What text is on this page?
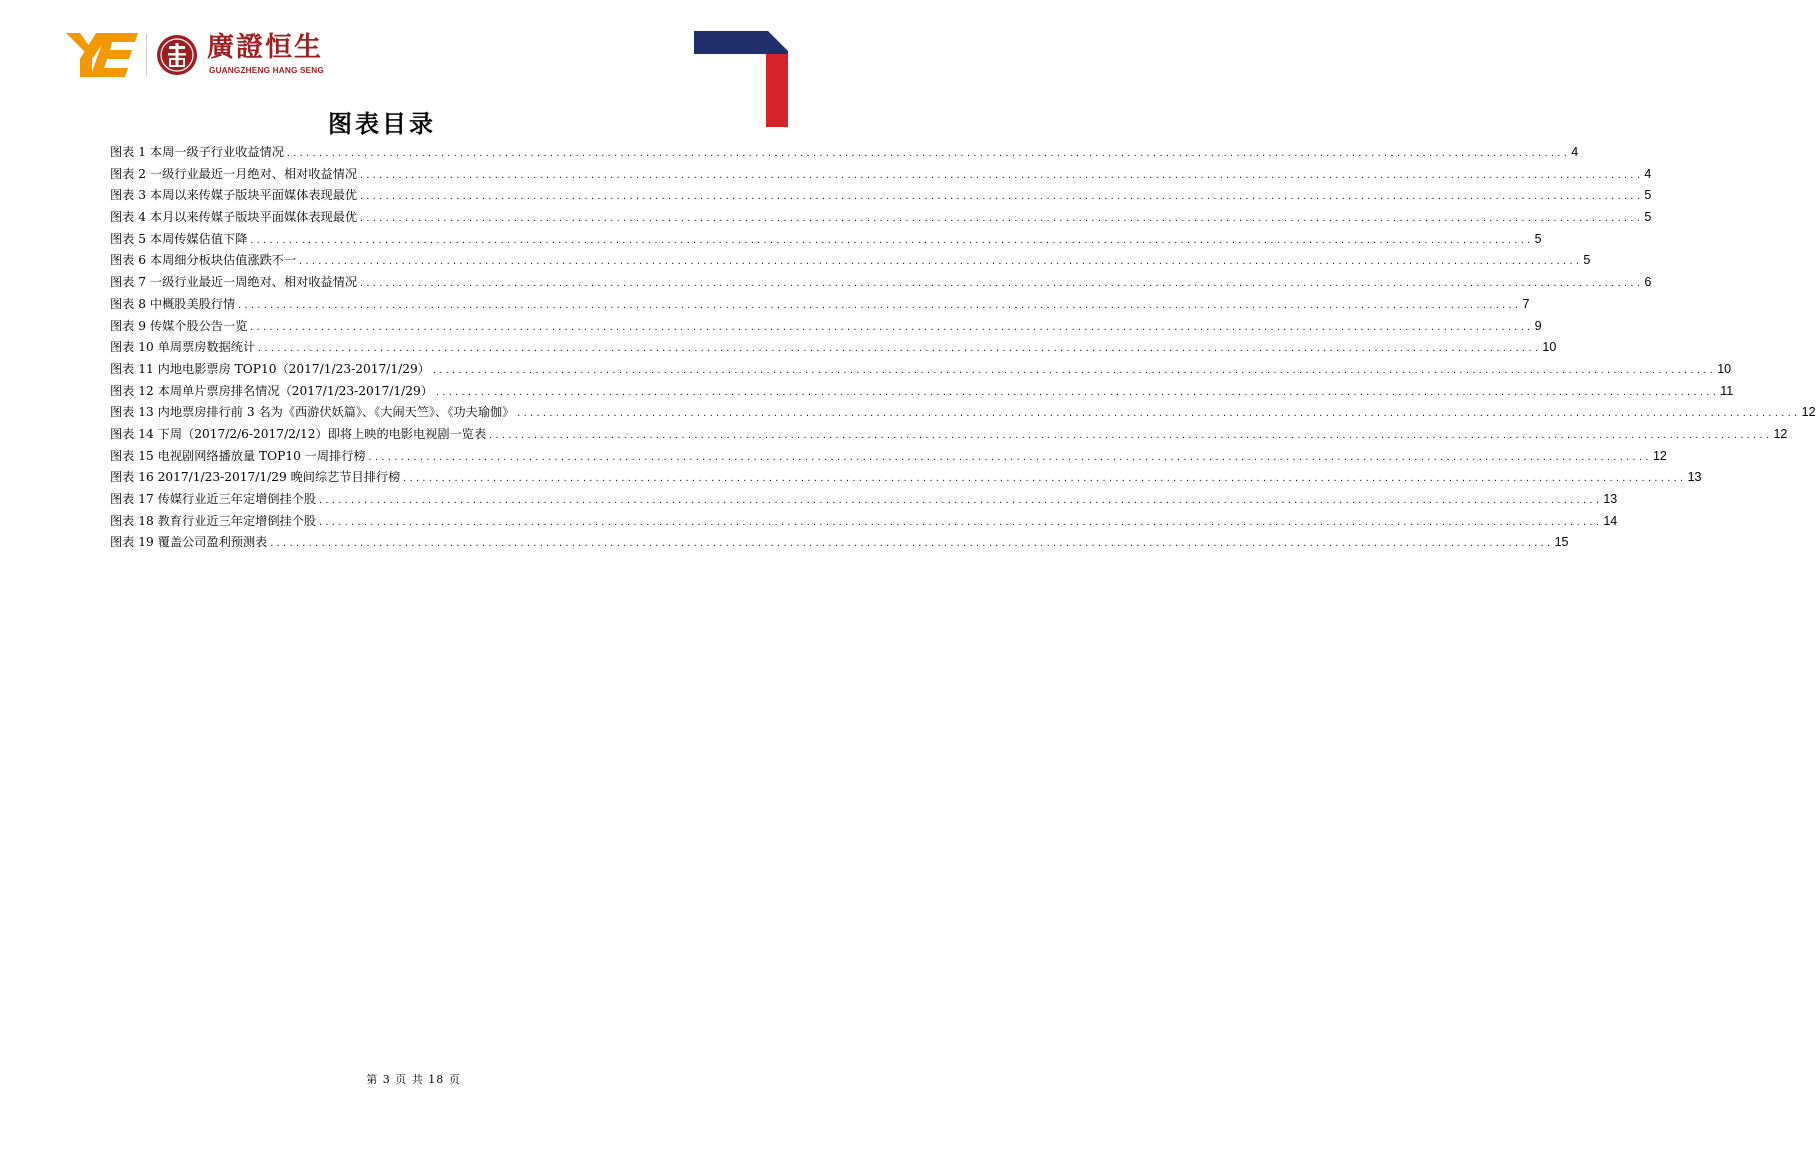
廣證恒生
GUANGZHENG HANG SENG
图表目录
图表 1 本周一级子行业收益情况 ........................................................................................................................................................................................................ 4
图表 2 一级行业最近一月绝对、相对收益情况 ........................................................................................................................................................................................................ 4
图表 3 本周以来传媒子版块平面媒体表现最优 ........................................................................................................................................................................................................ 5
图表 4 本月以来传媒子版块平面媒体表现最优 ........................................................................................................................................................................................................ 5
图表 5 本周传媒估值下降 ........................................................................................................................................................................................................ 5
图表 6 本周细分板块估值涨跌不一 ........................................................................................................................................................................................................ 5
图表 7 一级行业最近一周绝对、相对收益情况 ........................................................................................................................................................................................................ 6
图表 8 中概股美股行情 ........................................................................................................................................................................................................ 7
图表 9 传媒个股公告一览 ........................................................................................................................................................................................................ 9
图表 10 单周票房数据统计 ........................................................................................................................................................................................................ 10
图表 11 内地电影票房 TOP10（2017/1/23-2017/1/29） ........................................................................................................................................................................................................ 10
图表 12 本周单片票房排名情况（2017/1/23-2017/1/29） ........................................................................................................................................................................................................ 11
图表 13 内地票房排行前 3 名为《西游伏妖篇》、《大闹天竺》、《功夫瑜伽》 ........................................................................................................................................................................................................ 12
图表 14 下周（2017/2/6-2017/2/12）即将上映的电影电视剧一览表 ........................................................................................................................................................................................................ 12
图表 15 电视剧网络播放量 TOP10 一周排行榜 ........................................................................................................................................................................................................ 12
图表 16 2017/1/23-2017/1/29 晚间综艺节目排行榜 ........................................................................................................................................................................................................ 13
图表 17 传媒行业近三年定增倒挂个股 ........................................................................................................................................................................................................ 13
图表 18 教育行业近三年定增倒挂个股 ........................................................................................................................................................................................................ 14
图表 19 覆盖公司盈利预测表 ........................................................................................................................................................................................................ 15
第 3 页 共 18 页
